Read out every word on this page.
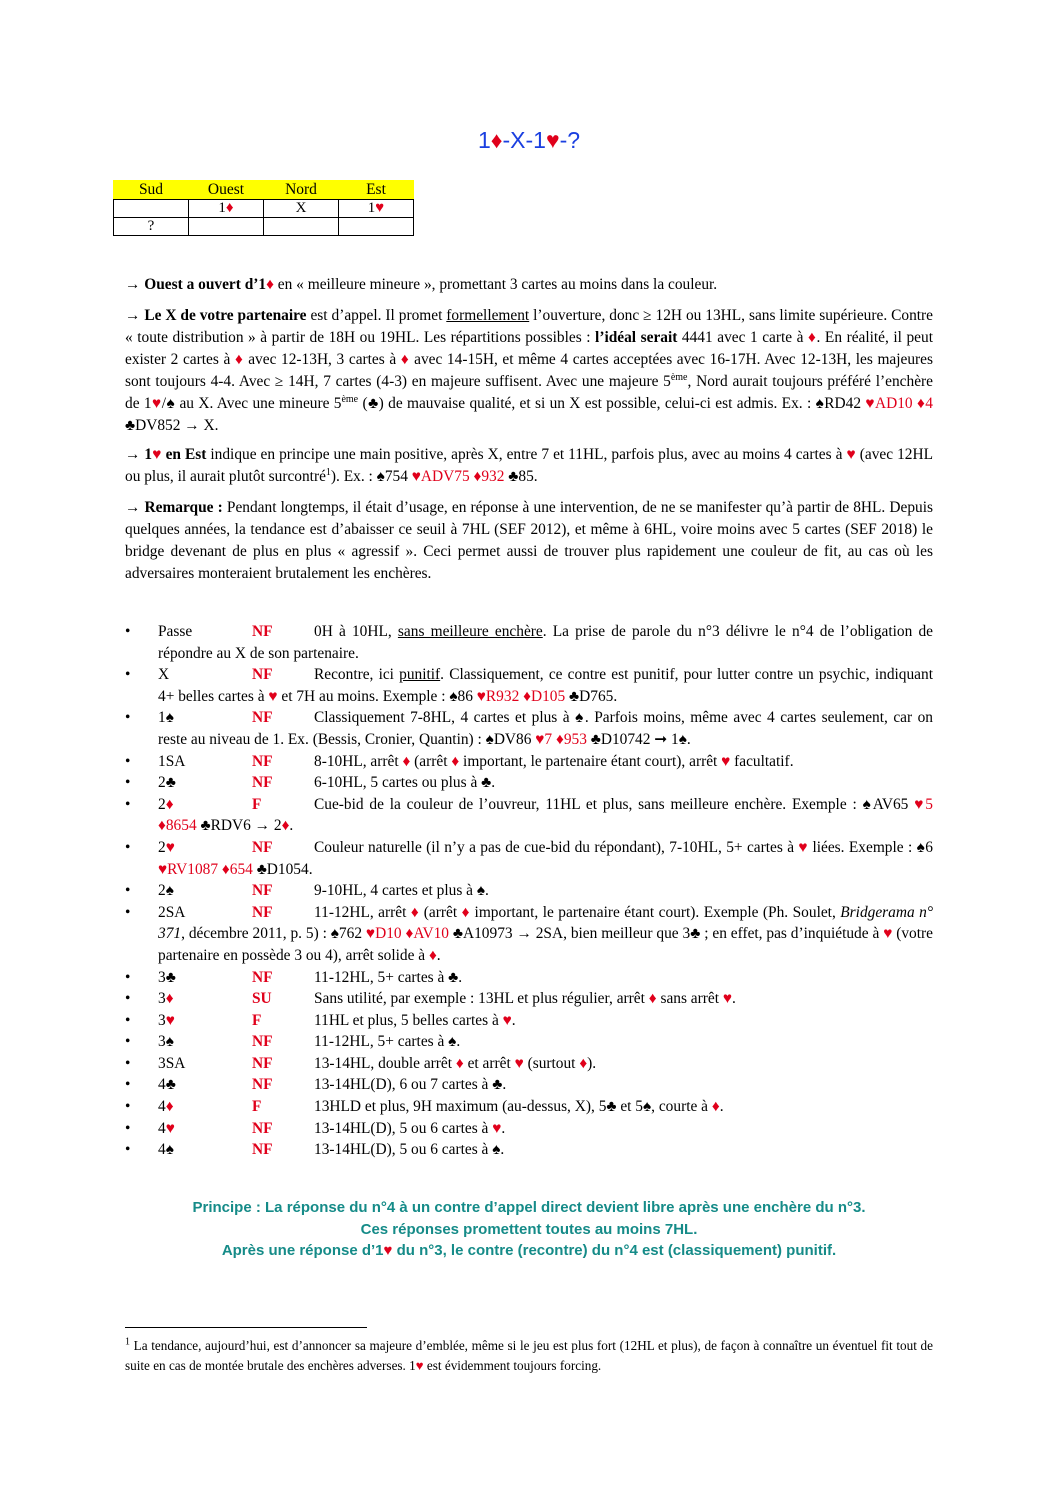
1♦-X-1♥-?
Sud	Ouest	Nord	Est
	1♦	X	1♥
?			

→ Ouest a ouvert d’1♦ en « meilleure mineure », promettant 3 cartes au moins dans la couleur.

→ Le X de votre partenaire est d’appel. Il promet formellement l’ouverture, donc ≥ 12H ou 13HL, sans limite supérieure. Contre « toute distribution » à partir de 18H ou 19HL. Les répartitions possibles : l’idéal serait 4441 avec 1 carte à ♦. En réalité, il peut exister 2 cartes à ♦ avec 12-13H, 3 cartes à ♦ avec 14-15H, et même 4 cartes acceptées avec 16-17H. Avec 12-13H, les majeures sont toujours 4-4. Avec ≥ 14H, 7 cartes (4-3) en majeure suffisent. Avec une majeure 5ème, Nord aurait toujours préféré l’enchère de 1♥/♠ au X. Avec une mineure 5ème (♣) de mauvaise qualité, et si un X est possible, celui-ci est admis. Ex. : ♠RD42 ♥AD10 ♦4 ♣DV852 → X.

→ 1♥ en Est indique en principe une main positive, après X, entre 7 et 11HL, parfois plus, avec au moins 4 cartes à ♥ (avec 12HL ou plus, il aurait plutôt surcontré$^1$). Ex. : ♠754 ♥ADV75 ♦932 ♣85.

→ Remarque : Pendant longtemps, il était d’usage, en réponse à une intervention, de ne se manifester qu’à partir de 8HL. Depuis quelques années, la tendance est d’abaisser ce seuil à 7HL (SEF 2012), et même à 6HL, voire moins avec 5 cartes (SEF 2018) le bridge devenant de plus en plus « agressif ». Ceci permet aussi de trouver plus rapidement une couleur de fit, au cas où les adversaires monteraient brutalement les enchères.

• Passe	NF	0H à 10HL, sans meilleure enchère. La prise de parole du n°3 délivre le n°4 de l’obligation de répondre au X de son partenaire.
• X	NF	Recontre, ici punitif. Classiquement, ce contre est punitif, pour lutter contre un psychic, indiquant 4+ belles cartes à ♥ et 7H au moins. Exemple : ♠86 ♥R932 ♦D105 ♣D765.
• 1♠	NF	Classiquement 7-8HL, 4 cartes et plus à ♠. Parfois moins, même avec 4 cartes seulement, car on reste au niveau de 1. Ex. (Bessis, Cronier, Quantin) : ♠DV86 ♥7 ♦953 ♣D10742 ➞ 1♠.
• 1SA	NF	8-10HL, arrêt ♦ (arrêt ♦ important, le partenaire étant court), arrêt ♥ facultatif.
• 2♣	NF	6-10HL, 5 cartes ou plus à ♣.
• 2♦	F	Cue-bid de la couleur de l’ouvreur, 11HL et plus, sans meilleure enchère. Exemple : ♠AV65 ♥5 ♦8654 ♣RDV6 → 2♦.
• 2♥	NF	Couleur naturelle (il n’y a pas de cue-bid du répondant), 7-10HL, 5+ cartes à ♥ liées. Exemple : ♠6 ♥RV1087 ♦654 ♣D1054.
• 2♠	NF	9-10HL, 4 cartes et plus à ♠.
• 2SA	NF	11-12HL, arrêt ♦ (arrêt ♦ important, le partenaire étant court). Exemple (Ph. Soulet, Bridgerama n° 371, décembre 2011, p. 5) : ♠762 ♥D10 ♦AV10 ♣A10973 → 2SA, bien meilleur que 3♣ ; en effet, pas d’inquiétude à ♥ (votre partenaire en possède 3 ou 4), arrêt solide à ♦.
• 3♣	NF	11-12HL, 5+ cartes à ♣.
• 3♦	SU	Sans utilité, par exemple : 13HL et plus régulier, arrêt ♦ sans arrêt ♥.
• 3♥	F	11HL et plus, 5 belles cartes à ♥.
• 3♠	NF	11-12HL, 5+ cartes à ♠.
• 3SA	NF	13-14HL, double arrêt ♦ et arrêt ♥ (surtout ♦).
• 4♣	NF	13-14HL(D), 6 ou 7 cartes à ♣.
• 4♦	F	13HLD et plus, 9H maximum (au-dessus, X), 5♣ et 5♠, courte à ♦.
• 4♥	NF	13-14HL(D), 5 ou 6 cartes à ♥.
• 4♠	NF	13-14HL(D), 5 ou 6 cartes à ♠.
Principe : La réponse du n°4 à un contre d’appel direct devient libre après une enchère du n°3.
Ces réponses promettent toutes au moins 7HL.
Après une réponse d’1♥ du n°3, le contre (recontre) du n°4 est (classiquement) punitif.

$^1$ La tendance, aujourd’hui, est d’annoncer sa majeure d’emblée, même si le jeu est plus fort (12HL et plus), de façon à connaître un éventuel fit tout de suite en cas de montée brutale des enchères adverses. 1♥ est évidemment toujours forcing.
